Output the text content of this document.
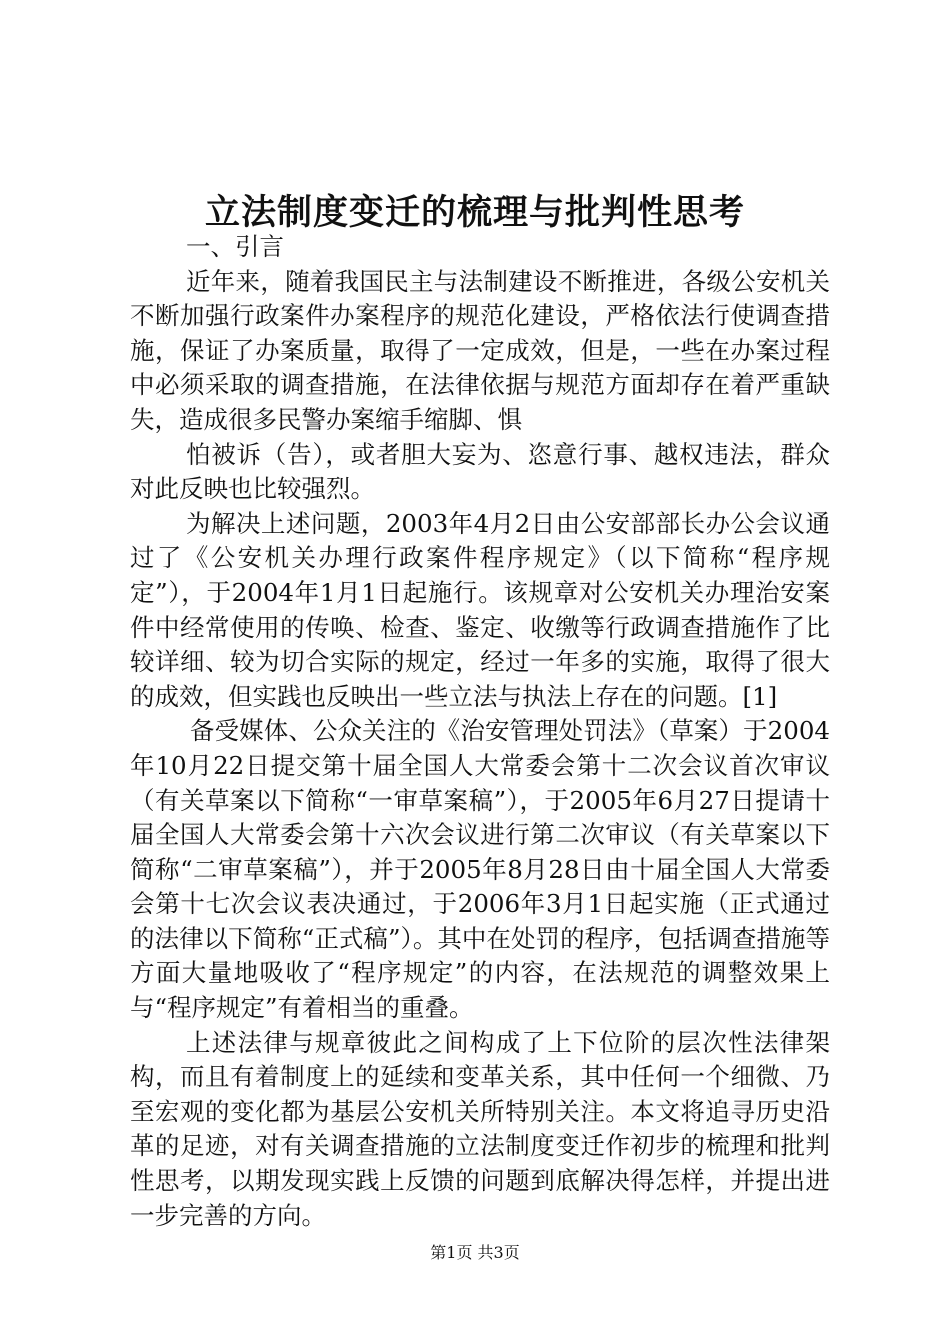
立法制度变迁的梳理与批判性思考

一、引言

近年来，随着我国民主与法制建设不断推进，各级公安机关不断加强行政案件办案程序的规范化建设，严格依法行使调查措施，保证了办案质量，取得了一定成效，但是，一些在办案过程中必须采取的调查措施，在法律依据与规范方面却存在着严重缺失，造成很多民警办案缩手缩脚、惧

怕被诉（告），或者胆大妄为、恣意行事、越权违法，群众对此反映也比较强烈。

为解决上述问题，2003年4月2日由公安部部长办公会议通过了《公安机关办理行政案件程序规定》（以下简称“程序规定”），于2004年1月1日起施行。该规章对公安机关办理治安案件中经常使用的传唤、检查、鉴定、收缴等行政调查措施作了比较详细、较为切合实际的规定，经过一年多的实施，取得了很大的成效，但实践也反映出一些立法与执法上存在的问题。[1]

备受媒体、公众关注的《治安管理处罚法》（草案）于2004年10月22日提交第十届全国人大常委会第十二次会议首次审议（有关草案以下简称“一审草案稿”），于2005年6月27日提请十届全国人大常委会第十六次会议进行第二次审议（有关草案以下简称“二审草案稿”），并于2005年8月28日由十届全国人大常委会第十七次会议表决通过，于2006年3月1日起实施（正式通过的法律以下简称“正式稿”）。其中在处罚的程序，包括调查措施等方面大量地吸收了“程序规定”的内容，在法规范的调整效果上与“程序规定”有着相当的重叠。

上述法律与规章彼此之间构成了上下位阶的层次性法律架构，而且有着制度上的延续和变革关系，其中任何一个细微、乃至宏观的变化都为基层公安机关所特别关注。本文将追寻历史沿革的足迹，对有关调查措施的立法制度变迁作初步的梳理和批判性思考，以期发现实践上反馈的问题到底解决得怎样，并提出进一步完善的方向。

第1页 共3页
